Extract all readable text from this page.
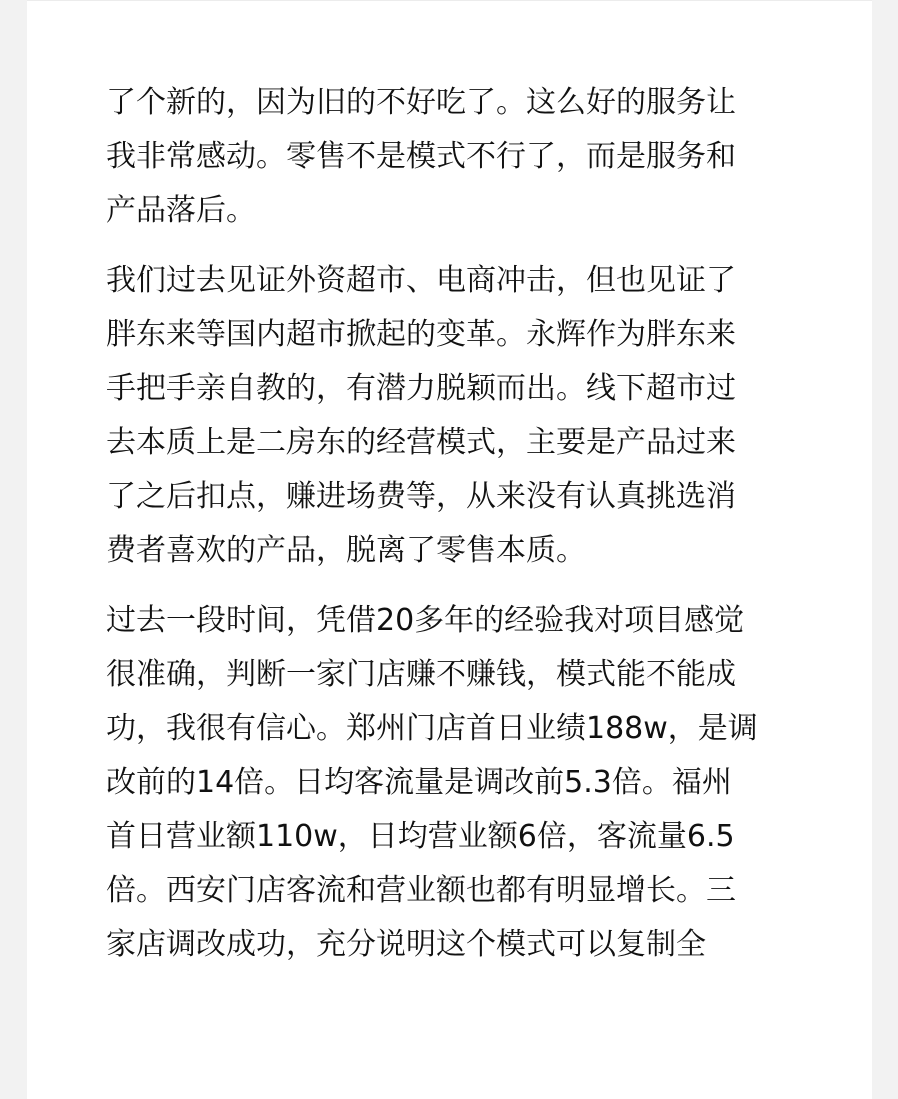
了个新的，因为旧的不好吃了。这么好的服务让
我非常感动。零售不是模式不行了，而是服务和
产品落后。

我们过去见证外资超市、电商冲击，但也见证了
胖东来等国内超市掀起的变革。永辉作为胖东来
手把手亲自教的，有潜力脱颖而出。线下超市过
去本质上是二房东的经营模式，主要是产品过来
了之后扣点，赚进场费等，从来没有认真挑选消
费者喜欢的产品，脱离了零售本质。

过去一段时间，凭借20多年的经验我对项目感觉
很准确，判断一家门店赚不赚钱，模式能不能成
功，我很有信心。郑州门店首日业绩188w，是调
改前的14倍。日均客流量是调改前5.3倍。福州
首日营业额110w，日均营业额6倍，客流量6.5
倍。西安门店客流和营业额也都有明显增长。三
家店调改成功，充分说明这个模式可以复制全
